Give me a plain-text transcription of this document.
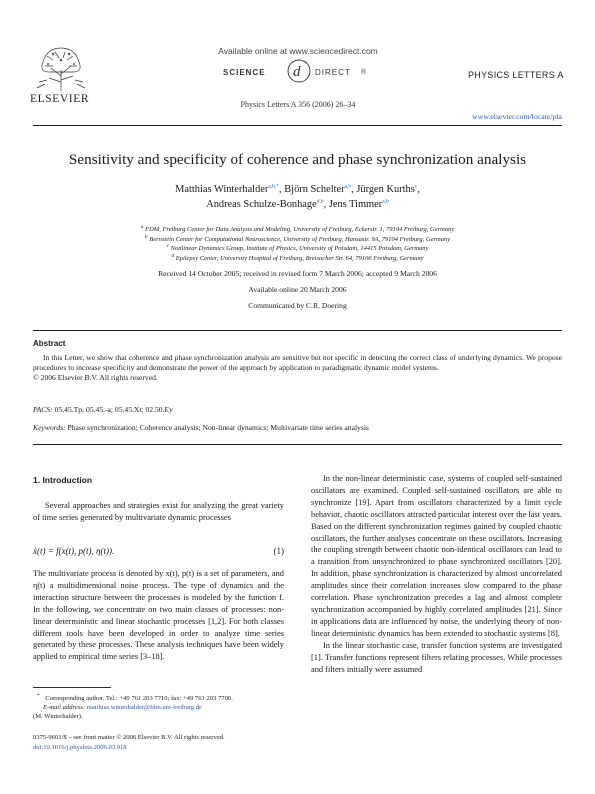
ELSEVIER
Available online at www.sciencedirect.com
SCIENCE d DIRECT ®
Physics Letters A 356 (2006) 26–34
PHYSICS LETTERS A
www.elsevier.com/locate/pla
Sensitivity and specificity of coherence and phase synchronization analysis
Matthias Winterhalder$^{a,b,*}$, Björn Schelter$^{a,b}$, Jürgen Kurths$^c$,
Andreas Schulze-Bonhage$^{d,b}$, Jens Timmer$^{a,b}$
$^a$ FDM, Freiburg Center for Data Analysis and Modeling, University of Freiburg, Eckerstr. 1, 79104 Freiburg, Germany
$^b$ Bernstein Center for Computational Neuroscience, University of Freiburg, Hansastr. 9A, 79104 Freiburg, Germany
$^c$ Nonlinear Dynamics Group, Institute of Physics, University of Potsdam, 14415 Potsdam, Germany
$^d$ Epilepsy Center, University Hospital of Freiburg, Breisacher Str. 64, 79106 Freiburg, Germany
Received 14 October 2005; received in revised form 7 March 2006; accepted 9 March 2006
Available online 20 March 2006
Communicated by C.R. Doering
Abstract
In this Letter, we show that coherence and phase synchronization analysis are sensitive but not specific in detecting the correct class of underlying dynamics. We propose procedures to increase specificity and demonstrate the power of the approach by application to paradigmatic dynamic model systems.
© 2006 Elsevier B.V. All rights reserved.
PACS: 05.45.Tp; 05.45.-a; 05.45.Xt; 02.50.Ey
Keywords: Phase synchronization; Coherence analysis; Non-linear dynamics; Multivariate time series analysis
1. Introduction

Several approaches and strategies exist for analyzing the great variety of time series generated by multivariate dynamic processes

ẋ(t) = f(x(t), p(t), η(t)).	(1)

The multivariate process is denoted by x(t), p(t) is a set of parameters, and η(t) a multidimensional noise process. The type of dynamics and the interaction structure between the processes is modeled by the function f. In the following, we concentrate on two main classes of processes: non-linear deterministic and linear stochastic processes [1,2]. For both classes different tools have been developed in order to analyze time series generated by these processes. These analysis techniques have been widely applied to empirical time series [3–18].

* Corresponding author. Tel.: +49 761 203 7710; fax: +49 761 203 7700.
E-mail address: matthias.winterhalder@fdm.uni-freiburg.de
(M. Winterhalder).
0375-9601/$ – see front matter © 2006 Elsevier B.V. All rights reserved.
doi:10.1016/j.physleta.2006.03.018

In the non-linear deterministic case, systems of coupled self-sustained oscillators are examined. Coupled self-sustained oscillators are able to synchronize [19]. Apart from oscillators characterized by a limit cycle behavior, chaotic oscillators attracted particular interest over the last years. Based on the different synchronization regimes gained by coupled chaotic oscillators, the further analyses concentrate on these oscillators. Increasing the coupling strength between chaotic non-identical oscillators can lead to a transition from unsynchronized to phase synchronized oscillators [20]. In addition, phase synchronization is characterized by almost uncorrelated amplitudes since their correlation increases slow compared to the phase correlation. Phase synchronization precedes a lag and almost complete synchronization accompanied by highly correlated amplitudes [21]. Since in applications data are influenced by noise, the underlying theory of non-linear deterministic dynamics has been extended to stochastic systems [8].

In the linear stochastic case, transfer function systems are investigated [1]. Transfer functions represent filters relating processes. While processes and filters initially were assumed
